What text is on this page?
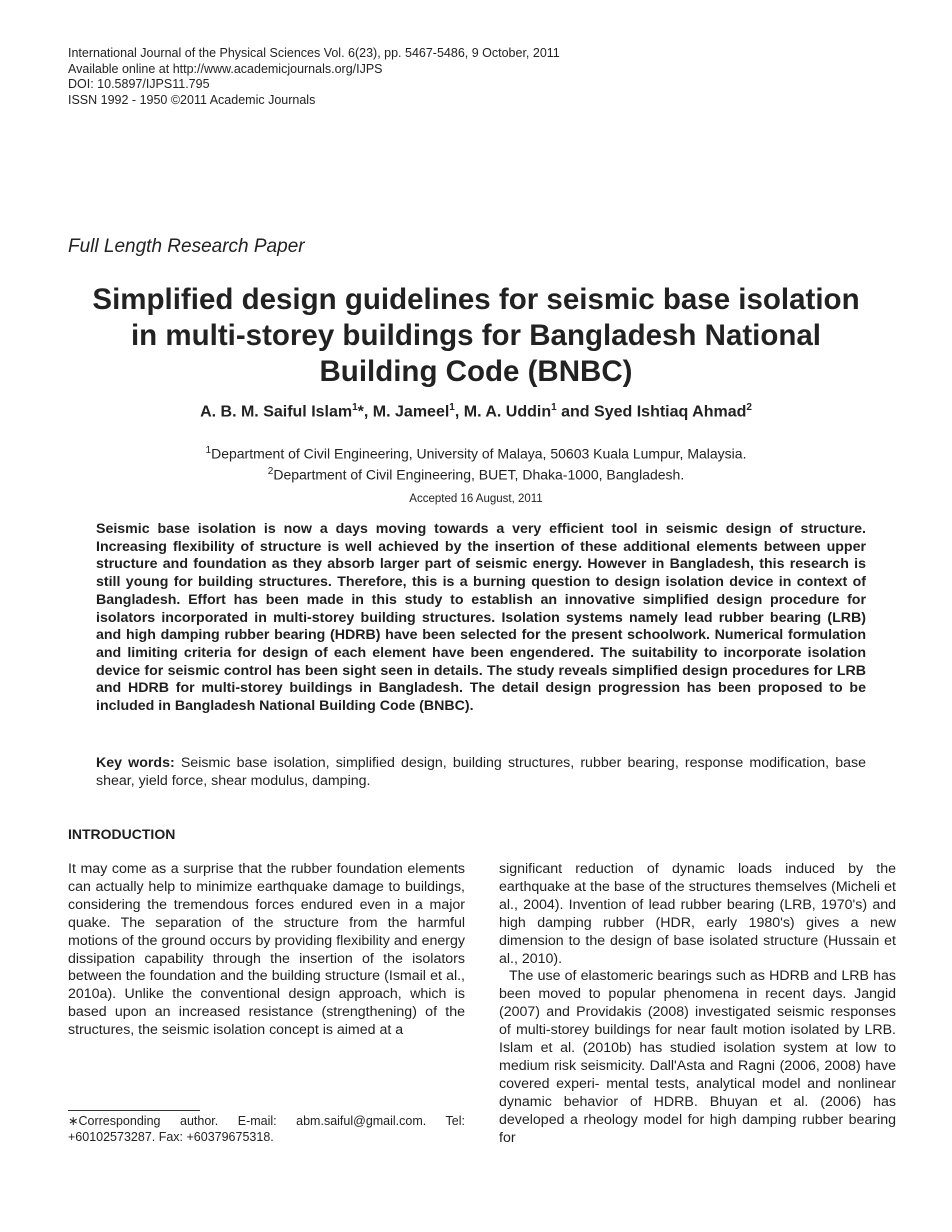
International Journal of the Physical Sciences Vol. 6(23), pp. 5467-5486, 9 October, 2011
Available online at http://www.academicjournals.org/IJPS
DOI: 10.5897/IJPS11.795
ISSN 1992 - 1950 ©2011 Academic Journals
Full Length Research Paper
Simplified design guidelines for seismic base isolation
in multi-storey buildings for Bangladesh National
Building Code (BNBC)
A. B. M. Saiful Islam$^1$*, M. Jameel$^1$, M. A. Uddin$^1$ and Syed Ishtiaq Ahmad$^2$
$^1$Department of Civil Engineering, University of Malaya, 50603 Kuala Lumpur, Malaysia.
$^2$Department of Civil Engineering, BUET, Dhaka-1000, Bangladesh.
Accepted 16 August, 2011
Seismic base isolation is now a days moving towards a very efficient tool in seismic design of structure. Increasing flexibility of structure is well achieved by the insertion of these additional elements between upper structure and foundation as they absorb larger part of seismic energy. However in Bangladesh, this research is still young for building structures. Therefore, this is a burning question to design isolation device in context of Bangladesh. Effort has been made in this study to establish an innovative simplified design procedure for isolators incorporated in multi-storey building structures. Isolation systems namely lead rubber bearing (LRB) and high damping rubber bearing (HDRB) have been selected for the present schoolwork. Numerical formulation and limiting criteria for design of each element have been engendered. The suitability to incorporate isolation device for seismic control has been sight seen in details. The study reveals simplified design procedures for LRB and HDRB for multi-storey buildings in Bangladesh. The detail design progression has been proposed to be included in Bangladesh National Building Code (BNBC).
Key words: Seismic base isolation, simplified design, building structures, rubber bearing, response modification, base shear, yield force, shear modulus, damping.
INTRODUCTION

It may come as a surprise that the rubber foundation elements can actually help to minimize earthquake damage to buildings, considering the tremendous forces endured even in a major quake. The separation of the structure from the harmful motions of the ground occurs by providing flexibility and energy dissipation capability through the insertion of the isolators between the foundation and the building structure (Ismail et al., 2010a). Unlike the conventional design approach, which is based upon an increased resistance (strengthening) of the structures, the seismic isolation concept is aimed at a

significant reduction of dynamic loads induced by the earthquake at the base of the structures themselves (Micheli et al., 2004). Invention of lead rubber bearing (LRB, 1970's) and high damping rubber (HDR, early 1980's) gives a new dimension to the design of base isolated structure (Hussain et al., 2010).

The use of elastomeric bearings such as HDRB and LRB has been moved to popular phenomena in recent days. Jangid (2007) and Providakis (2008) investigated seismic responses of multi-storey buildings for near fault motion isolated by LRB. Islam et al. (2010b) has studied isolation system at low to medium risk seismicity. Dall'Asta and Ragni (2006, 2008) have covered experi- mental tests, analytical model and nonlinear dynamic behavior of HDRB. Bhuyan et al. (2006) has developed a rheology model for high damping rubber bearing for

∗Corresponding author. E-mail: abm.saiful@gmail.com. Tel: +60102573287. Fax: +60379675318.
